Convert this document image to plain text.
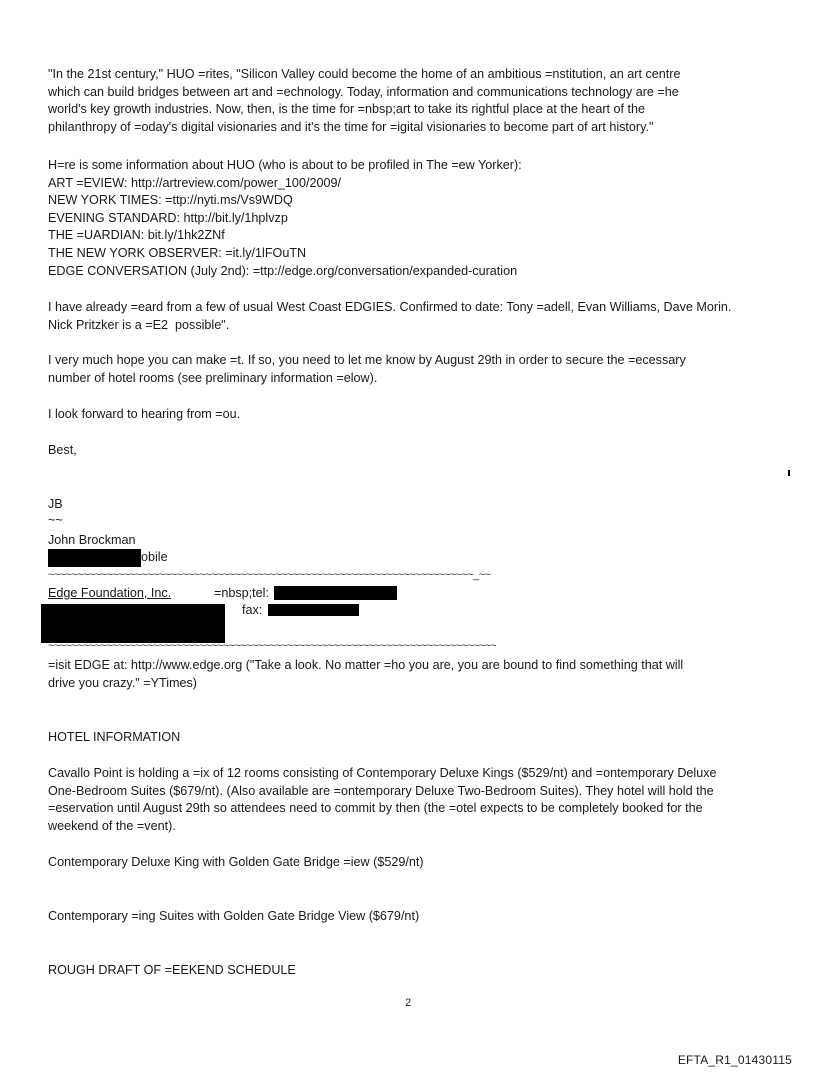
"In the 21st century," HUO =rites, "Silicon Valley could become the home of an ambitious =nstitution, an art centre
which can build bridges between art and =echnology. Today, information and communications technology are =he
world's key growth industries. Now, then, is the time for =nbsp;art to take its rightful place at the heart of the
philanthropy of =oday's digital visionaries and it's the time for =igital visionaries to become part of art history."
H=re is some information about HUO (who is about to be profiled in The =ew Yorker):
ART =EVIEW: http://artreview.com/power_100/2009/
NEW YORK TIMES: =ttp://nyti.ms/Vs9WDQ
EVENING STANDARD: http://bit.ly/1hplvzp
THE =UARDIAN: bit.ly/1hk2ZNf
THE NEW YORK OBSERVER: =it.ly/1lFOuTN
EDGE CONVERSATION (July 2nd): =ttp://edge.org/conversation/expanded-curation
I have already =eard from a few of usual West Coast EDGIES. Confirmed to date: Tony =adell, Evan Williams, Dave Morin.
Nick Pritzker is a =E2  possible".
I very much hope you can make =t. If so, you need to let me know by August 29th in order to secure the =ecessary
number of hotel rooms (see preliminary information =elow).
I look forward to hearing from =ou.
Best,
JB
~~
John Brockman
obile
~~~~~~~~~~~~~~~~~~~~~~~~~~~~~~~~~~~~~~~~~~~~~~~~~~~~~~~~~~~~~~~~~~~~~~~~~_~~
Edge Foundation, Inc.	=nbsp;tel:
fax:
~~~~~~~~~~~~~~~~~~~~~~~~~~~~~~~~~~~~~~~~~~~~~~~~~~~~~~~~~~~~~~~~~~~~~~~~~~~~~
=isit EDGE at: http://www.edge.org ("Take a look. No matter =ho you are, you are bound to find something that will
drive you crazy." =YTimes)
HOTEL INFORMATION
Cavallo Point is holding a =ix of 12 rooms consisting of Contemporary Deluxe Kings ($529/nt) and =ontemporary Deluxe
One-Bedroom Suites ($679/nt). (Also available are =ontemporary Deluxe Two-Bedroom Suites). They hotel will hold the
=eservation until August 29th so attendees need to commit by then (the =otel expects to be completely booked for the
weekend of the =vent).
Contemporary Deluxe King with Golden Gate Bridge =iew ($529/nt)
Contemporary =ing Suites with Golden Gate Bridge View ($679/nt)
ROUGH DRAFT OF =EEKEND SCHEDULE
2
EFTA_R1_01430115
